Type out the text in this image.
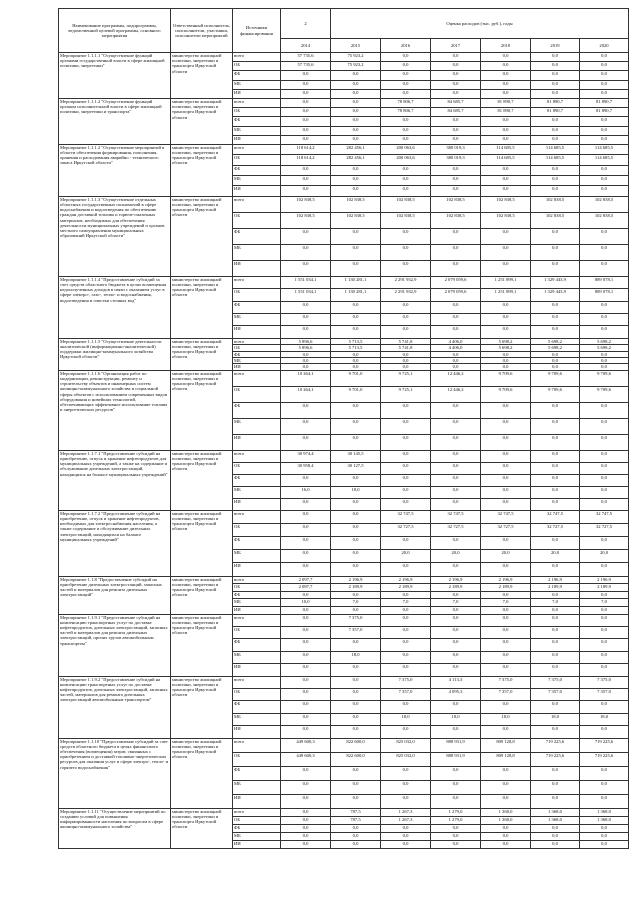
Наименование программы, подпрограммы, ведомственной целевой программы, основного мероприятия	Ответственный исполнитель, соисполнители, участники, исполнители мероприятий	Источники финансирования	2	Оценка расходов (тыс. руб.), годы					
			2014	2015	2016	2017	2018	2019	2020
Мероприятие 1.1.1.1 "Осуществление функций органами государственной власти в сфере жилищной политики, энергетики"	министерство жилищной политики, энергетики и транспорта Иркутской области	всего	57 735,6	75 923,2	0,0	0,0	0,0	0,0	0,0
		ОБ	57 735,6	75 923,2	0,0	0,0	0,0	0,0	0,0
		ФБ	0,0	0,0	0,0	0,0	0,0	0,0	0,0
		МБ	0,0	0,0	0,0	0,0	0,0	0,0	0,0
		ИИ	0,0	0,0	0,0	0,0	0,0	0,0	0,0
Мероприятие 1.1.1.2 "Осуществление функций органом исполнительной власти в сфере жилищной политики, энергетики и транспорта"	министерство жилищной политики, энергетики и транспорта Иркутской области	всего	0,0	0,0	78 806,7	84 685,7	81 890,7	81 890,7	81 890,7
		ОБ	0,0	0,0	78 806,7	84 685,7	81 890,7	81 890,7	81 890,7
		ФБ	0,0	0,0	0,0	0,0	0,0	0,0	0,0
		МБ	0,0	0,0	0,0	0,0	0,0	0,0	0,0
		ИИ	0,0	0,0	0,0	0,0	0,0	0,0	0,0
Мероприятие 1.1.1.2 "Осуществление мероприятий в области обеспечения формирования, пополнения, хранения и расходования аварийно - технического запаса Иркутской области"	министерство жилищной политики, энергетики и транспорта Иркутской области	всего	118 614,2	282 456,1	200 063,6	380 019,3	114 685,5	114 685,5	114 685,5
		ОБ	118 614,2	282 456,1	200 063,6	380 019,3	114 685,5	114 685,5	114 685,5
		ФБ	0,0	0,0	0,0	0,0	0,0	0,0	0,0
		МБ	0,0	0,0	0,0	0,0	0,0	0,0	0,0
		ИИ	0,0	0,0	0,0	0,0	0,0	0,0	0,0
Мероприятие 1.1.1.3 "Осуществление отдельных областных государственных полномочий в сфере водоснабжения и водоотведения по обеспечению граждан доставкой топлива и горюче-смазочных материалов, необходимых для обеспечения деятельности муниципальных учреждений и органов местного самоуправления муниципальных образований Иркутской области"	министерство жилищной политики, энергетики и транспорта Иркутской области	всего	102 838,5	102 838,5	102 838,5	102 838,5	102 838,5	102 838,5	102 838,5
		ОБ	102 838,5	102 838,5	102 838,5	102 838,5	102 838,5	102 838,5	102 838,5
		ФБ	0,0	0,0	0,0	0,0	0,0	0,0	0,0
		МБ	0,0	0,0	0,0	0,0	0,0	0,0	0,0
		ИИ	0,0	0,0	0,0	0,0	0,0	0,0	0,0
Мероприятие 1.1.1.4 "Предоставление субсидий за счет средств областного бюджета в целях возмещения недополученных доходов в связи с оказанием услуг в сфере электро-, газо-, тепло- и водоснабжения, водоотведения и очистки сточных вод"	министерство жилищной политики, энергетики и транспорта Иркутской области	всего	1 551 034,1	1 130 281,1	2 291 932,9	2 079 059,6	1 251 899,1	1 329 443,9	889 078,1
		ОБ	1 551 034,1	1 130 281,1	2 291 932,9	2 079 059,6	1 251 899,1	1 329 443,9	889 078,1
		ФБ	0,0	0,0	0,0	0,0	0,0	0,0	0,0
		МБ	0,0	0,0	0,0	0,0	0,0	0,0	0,0
		ИИ	0,0	0,0	0,0	0,0	0,0	0,0	0,0
Мероприятие 1.1.1.5 "Осуществление деятельности аналитической (информационно-аналитической) поддержки жилищно-коммунального хозяйства Иркутской области"	министерство жилищной политики, энергетики и транспорта Иркутской области	всего	5 896,6	5 713,5	5 741,8	4 406,0	5 698,2	5 698,2	5 698,2
		ОБ	5 896,6	5 713,5	5 741,8	4 406,0	5 698,2	5 698,2	5 698,2
		ФБ	0,0	0,0	0,0	0,0	0,0	0,0	0,0
		МБ	0,0	0,0	0,0	0,0	0,0	0,0	0,0
		ИИ	0,0	0,0	0,0	0,0	0,0	0,0	0,0
Мероприятие 1.1.1.6 "Организация работ по модернизации, реконструкции, ремонту и строительству объектов и инженерных систем жилищно-коммунального хозяйства и социальной сферы объектов с использованием современных видов оборудования и новейших технологий, обеспечивающих эффективное использование топлива и энергетических ресурсов"	министерство жилищной политики, энергетики и транспорта Иркутской области	всего	10 264,1	9 701,0	9 725,1	12 446,2	9 709,6	9 709,6	9 709,6
		ОБ	10 264,1	9 701,0	9 725,1	12 446,2	9 709,6	9 709,6	9 709,6
		ФБ	0,0	0,0	0,0	0,0	0,0	0,0	0,0
		МБ	0,0	0,0	0,0	0,0	0,0	0,0	0,0
		ИИ	0,0	0,0	0,0	0,0	0,0	0,0	0,0
Мероприятие 1.1.7.1 "Предоставление субсидий на приобретение, отпуск и хранение нефтепродуктов для муниципальных учреждений, а также на содержание и обслуживание дизельных электростанций, находящихся на балансе муниципальных учреждений"	министерство жилищной политики, энергетики и транспорта Иркутской области	всего	30 974,4	30 145,5	0,0	0,0	0,0	0,0	0,0
		ОБ	30 958,4	30 127,5	0,0	0,0	0,0	0,0	0,0
		ФБ	0,0	0,0	0,0	0,0	0,0	0,0	0,0
		МБ	16,0	18,0	0,0	0,0	0,0	0,0	0,0
		ИИ	0,0	0,0	0,0	0,0	0,0	0,0	0,0
Мероприятие 1.1.7.2 "Предоставление субсидий на приобретение, отпуск и хранение нефтепродуктов, необходимых для электроснабжения населения, а также содержание и обслуживание дизельных электростанций, находящихся на балансе муниципальных учреждений"	министерство жилищной политики, энергетики и транспорта Иркутской области	всего	0,0	0,0	32 747,5	32 747,5	32 747,5	32 747,5	32 747,5
		ОБ	0,0	0,0	32 727,5	32 727,5	32 727,5	32 727,5	32 727,5
		ФБ	0,0	0,0	0,0	0,0	0,0	0,0	0,0
		МБ	0,0	0,0	20,0	20,0	20,0	20,0	20,0
		ИИ	0,0	0,0	0,0	0,0	0,0	0,0	0,0
Мероприятие 1.1.8 "Предоставление субсидий на приобретение дизельных электростанций, запасных частей и материалов для ремонта дизельных электростанций"	министерство жилищной политики, энергетики и транспорта Иркутской области	всего	2 097,7	2 196,9	2 196,9	2 196,9	2 196,9	2 196,9	2 196,9
		ОБ	2 087,7	2 189,9	2 189,9	2 189,9	2 189,9	2 189,9	2 189,9
		ФБ	0,0	0,0	0,0	0,0	0,0	0,0	0,0
		МБ	10,0	7,0	7,0	7,0	7,0	7,0	7,0
		ИИ	0,0	0,0	0,0	0,0	0,0	0,0	0,0
Мероприятие 1.1.9.1 "Предоставление субсидий на компенсацию транспортных услуг по доставке нефтепродуктов, дизельных электростанций, запасных частей и материалов для ремонта дизельных электростанций, прочих грузов автомобильным транспортом"	министерство жилищной политики, энергетики и транспорта Иркутской области	всего	0,0	7 375,0	0,0	0,0	0,0	0,0	0,0
		ОБ	0,0	7 357,0	0,0	0,0	0,0	0,0	0,0
		ФБ	0,0	0,0	0,0	0,0	0,0	0,0	0,0
		МБ	0,0	18,0	0,0	0,0	0,0	0,0	0,0
		ИИ	0,0	0,0	0,0	0,0	0,0	0,0	0,0
Мероприятие 1.1.9.2 "Предоставление субсидий на компенсацию транспортных услуг по доставке нефтепродуктов, дизельных электростанций, запасных частей, материалов для ремонта дизельных электростанций автомобильным транспортом"	министерство жилищной политики, энергетики и транспорта Иркутской области	всего	0,0	0,0	7 375,0	4 113,3	7 375,0	7 375,0	7 375,0
		ОБ	0,0	0,0	7 357,0	4 095,3	7 357,0	7 357,0	7 357,0
		ФБ	0,0	0,0	0,0	0,0	0,0	0,0	0,0
		МБ	0,0	0,0	18,0	18,0	18,0	18,0	18,0
		ИИ	0,0	0,0	0,0	0,0	0,0	0,0	0,0
Мероприятие 1.1.10 "Предоставление субсидий за счет средств областного бюджета в целях финансового обеспечения (возмещения) затрат, связанных с приобретением и доставкой топливно-энергетических ресурсов для оказания услуг в сфере электро-, тепло- и горячего водоснабжения"	министерство жилищной политики, энергетики и транспорта Иркутской области	всего	449 600,3	822 600,0	825 032,0	888 931,9	809 128,8	719 225,6	719 225,6
		ОБ	449 600,3	822 600,0	825 032,0	888 931,9	809 128,8	719 225,6	719 225,6
		ФБ	0,0	0,0	0,0	0,0	0,0	0,0	0,0
		МБ	0,0	0,0	0,0	0,0	0,0	0,0	0,0
		ИИ	0,0	0,0	0,0	0,0	0,0	0,0	0,0
Мероприятие 1.1.11 "Осуществление мероприятий по созданию условий для повышения информированности населения по вопросам в сфере жилищно-коммунального хозяйства"	министерство жилищной политики, энергетики и транспорта Иркутской области	всего	0,0	787,5	1 267,3	1 279,0	1 368,0	1 368,0	1 368,0
		ОБ	0,0	787,5	1 267,3	1 279,0	1 368,0	1 368,0	1 368,0
		ФБ	0,0	0,0	0,0	0,0	0,0	0,0	0,0
		МБ	0,0	0,0	0,0	0,0	0,0	0,0	0,0
		ИИ	0,0	0,0	0,0	0,0	0,0	0,0	0,0
